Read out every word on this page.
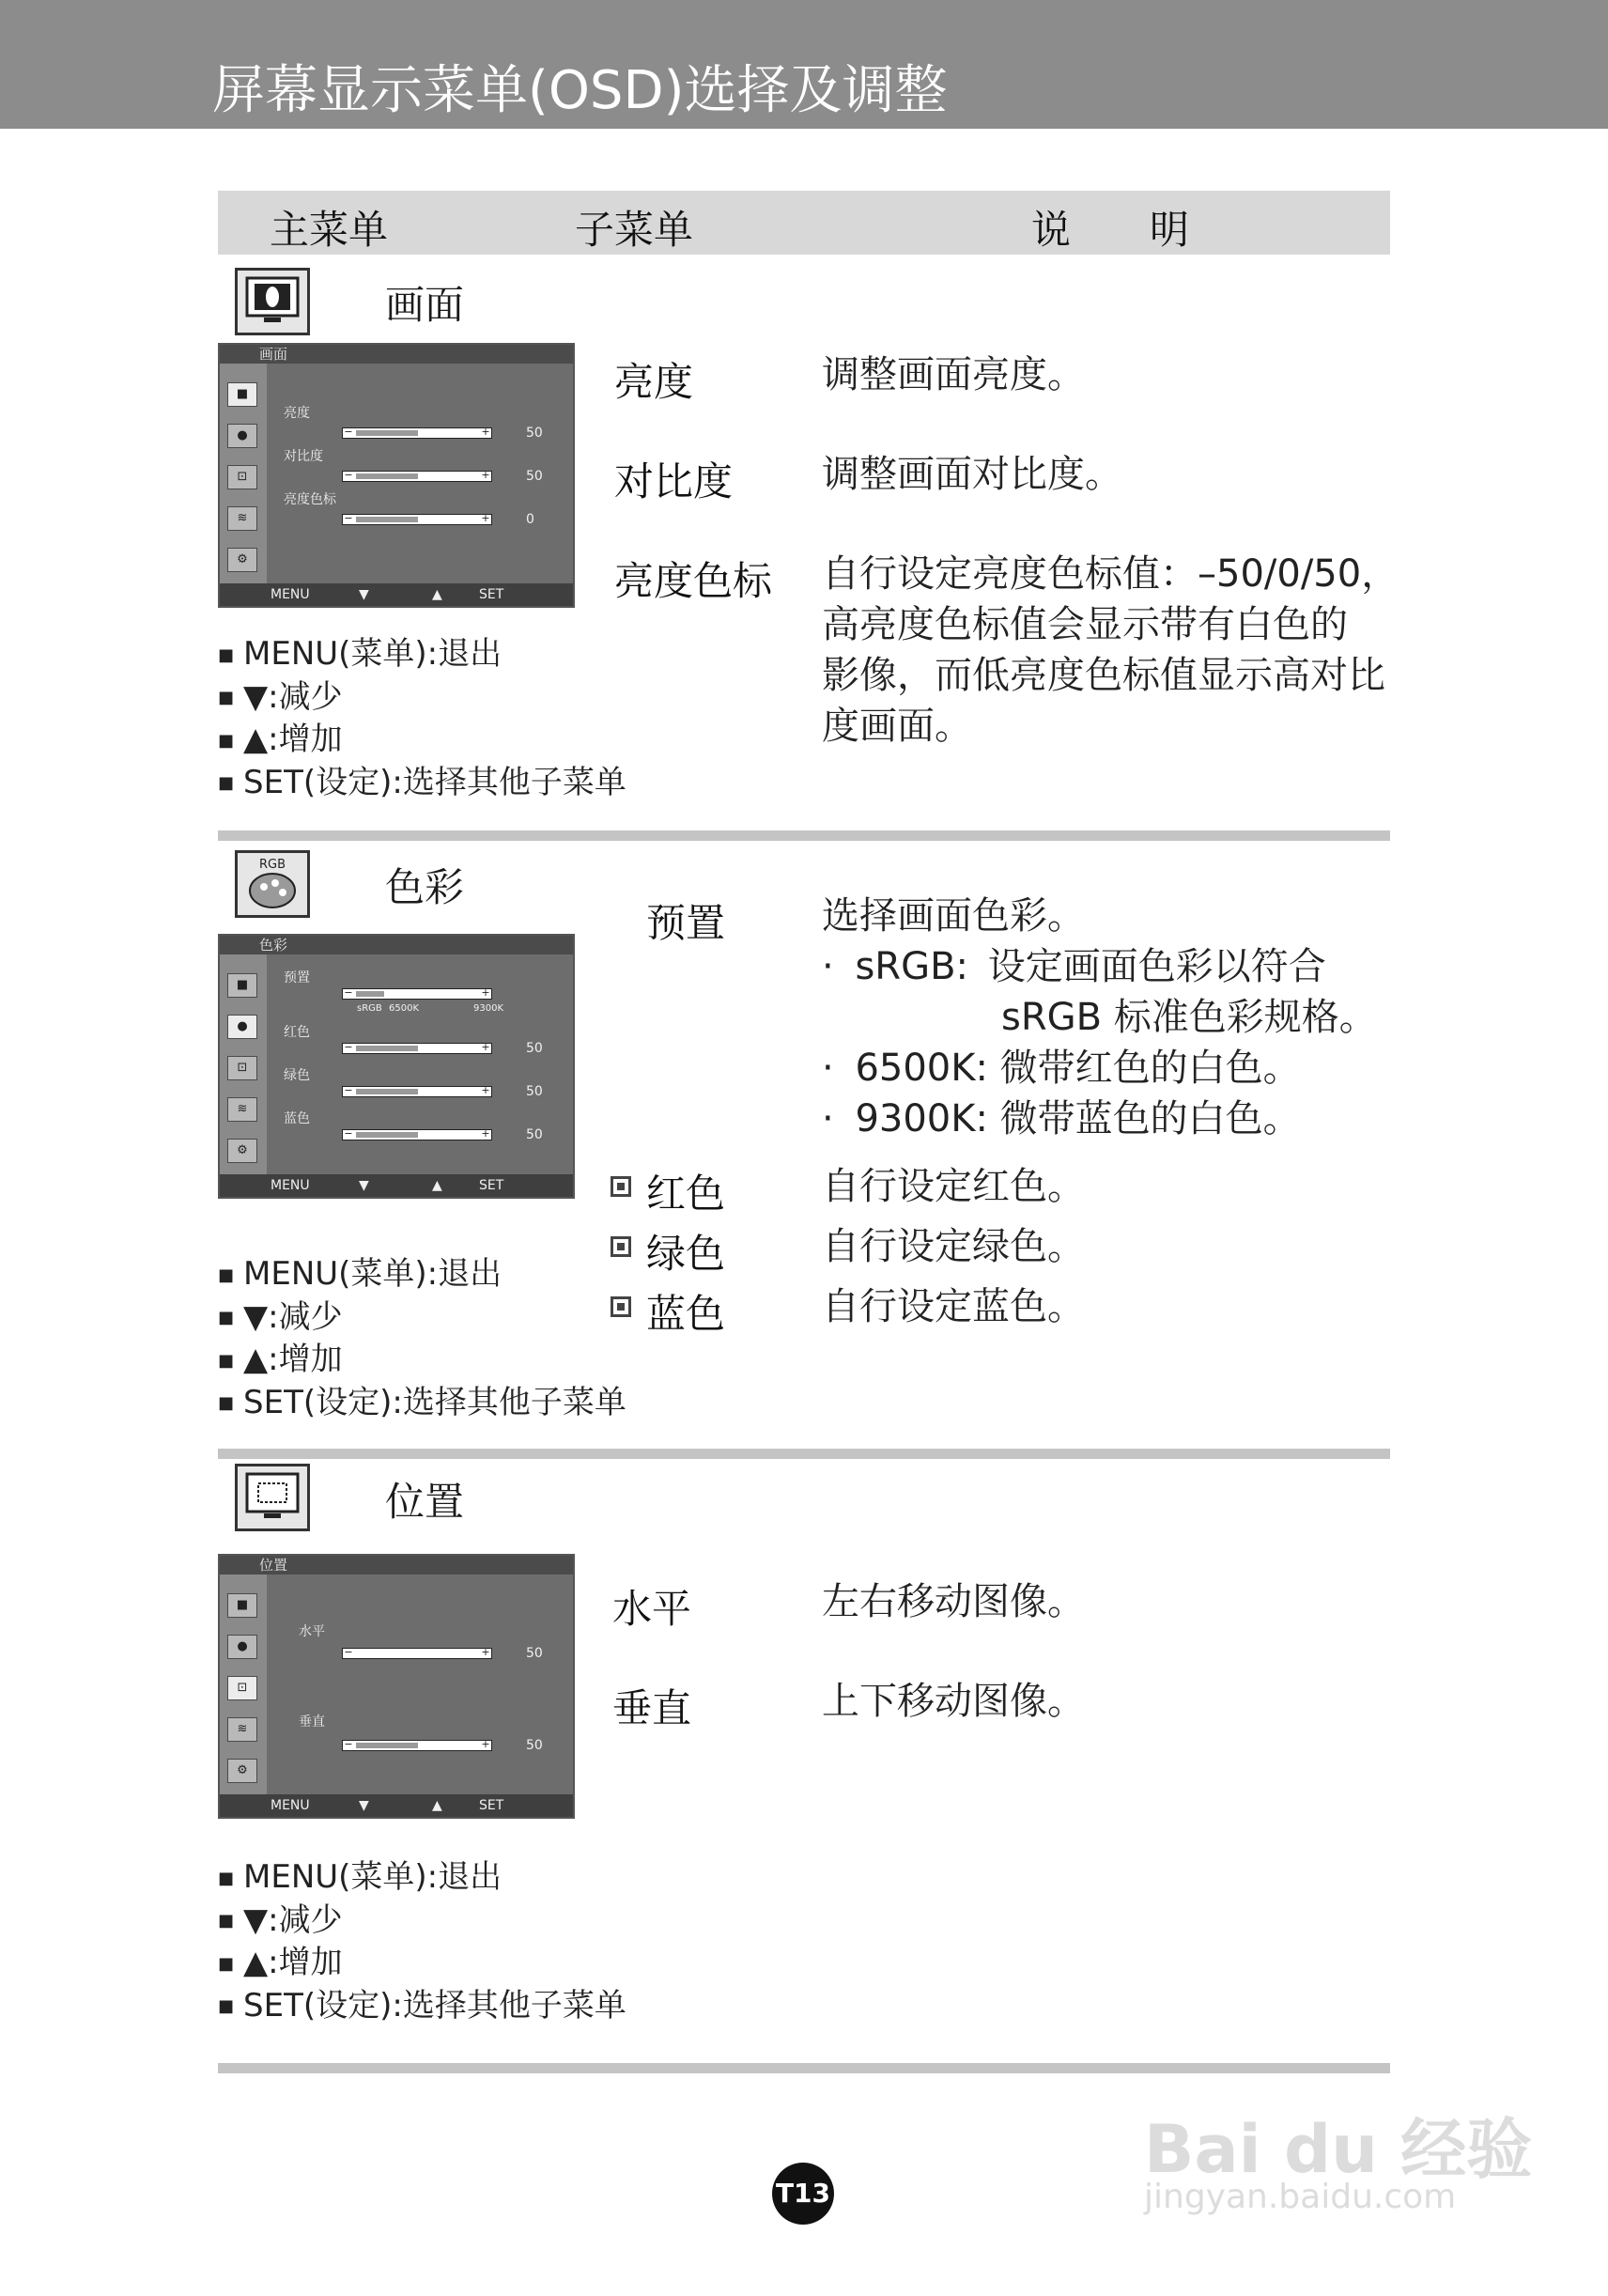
屏幕显示菜单(OSD)选择及调整
主菜单	子菜单	说　　明
画面
画面
■
●
⊡
≋
⚙
亮度
−	+	50
对比度
−	+	50
亮度色标
−	+	0
MENU	▼	▲	SET
■ MENU(菜单):退出
■ ▼:减少
■ ▲:增加
■ SET(设定):选择其他子菜单
亮度	调整画面亮度。
对比度 调整画面对比度。
亮度色标 自行设定亮度色标值：–50/0/50，
高亮度色标值会显示带有白色的
影像，而低亮度色标值显示高对比
度画面。
RGB	色彩
色彩
■
●
⊡
≋
⚙
预置
−	+
sRGB 6500K	9300K
红色
−	+	50
绿色
−	+	50
蓝色
−	+	50
MENU	▼	▲	SET
■ MENU(菜单):退出
■ ▼:减少
■ ▲:增加
■ SET(设定):选择其他子菜单
预置	选择画面色彩。
· sRGB: 设定画面色彩以符合
sRGB 标准色彩规格。
· 6500K: 微带红色的白色。
· 9300K: 微带蓝色的白色。
红色	自行设定红色。
绿色	自行设定绿色。
蓝色	自行设定蓝色。
位置
位置
■
●
⊡
≋
⚙
水平
−	+	50
垂直
−	+	50
MENU	▼	▲	SET
■ MENU(菜单):退出
■ ▼:减少
■ ▲:增加
■ SET(设定):选择其他子菜单
水平	左右移动图像。
垂直	上下移动图像。
Bai du 经验
jingyan.baidu.com
T13
